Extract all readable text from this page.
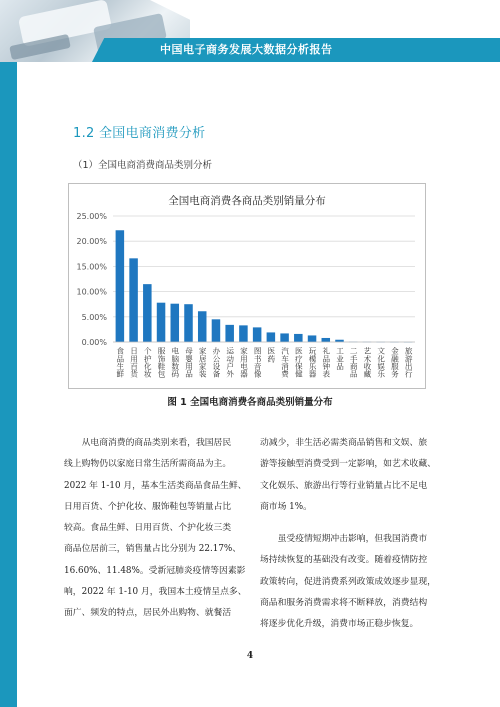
中国电子商务发展大数据分析报告
1.2 全国电商消费分析
（1）全国电商消费商品类别分析
全国电商消费各商品类别销量分布
0.00%
5.00%
10.00%
15.00%
20.00%
25.00%
食品生鲜 日用百货 个护化妆 服饰鞋包 电脑数码 母婴用品 家居家装 办公设备 运动户外 家用电器 图书音像 医药 汽车消费 医疗保健 玩模乐器 礼品钟表 工业品 二手商品 艺术收藏 文化娱乐 金融服务 旅游出行
图 1 全国电商消费各商品类别销量分布

从电商消费的商品类别来看，我国居民
线上购物仍以家庭日常生活所需商品为主。
2022 年 1-10 月，基本生活类商品食品生鲜、
日用百货、个护化妆、服饰鞋包等销量占比
较高。食品生鲜、日用百货、个护化妆三类
商品位居前三，销售量占比分别为 22.17%、
16.60%、11.48%。受新冠肺炎疫情等因素影
响，2022 年 1-10 月，我国本土疫情呈点多、
面广、频发的特点，居民外出购物、就餐活

动减少，非生活必需类商品销售和文娱、旅
游等接触型消费受到一定影响，如艺术收藏、
文化娱乐、旅游出行等行业销量占比不足电
商市场 1%。

虽受疫情短期冲击影响，但我国消费市
场持续恢复的基础没有改变。随着疫情防控
政策转向，促进消费系列政策成效逐步显现，
商品和服务消费需求将不断释放，消费结构
将逐步优化升级，消费市场正稳步恢复。

4
